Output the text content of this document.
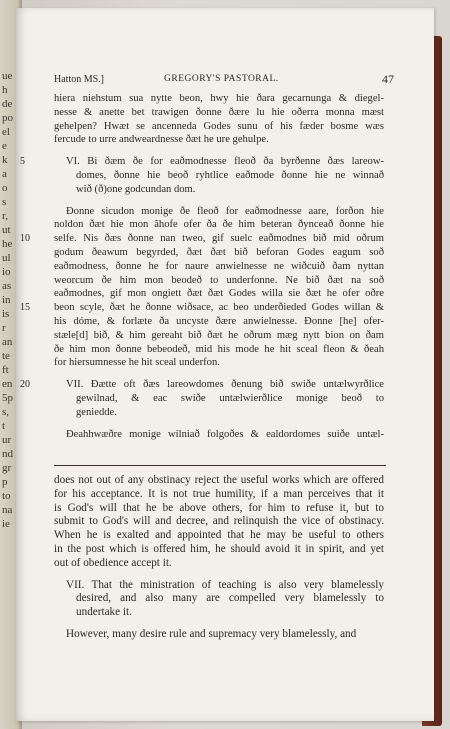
ue
h
de
po
el
e
k
a
o
s
r,
ut
he
ul
io
as
in
is
r
an
te
ft
en
5p
s,
t
ur
nd
gr
p
to
na
ie
Hatton MS.]	GREGORY'S PASTORAL.	47
hiera niehstum sua nytte beon, hwy hie ðara gecarnunga & diegel-
nesse & anette bet trawigen ðonne ðære lu hie oðerra monna mæst
gehelpen? Hwæt se ancenneda Godes sunu of his fæder bosme wæs
fercude to urre andweardnesse ðæt he ure gehulpe.
5	VI. Bi ðæm ðe for eaðmodnesse fleoð ða byrðenne ðæs lareow-
domes, ðonne hie beoð ryhtlice eaðmode ðonne hie ne winnað
wið (ð)one godcundan dom.
Ðonne sicudon monige ðe fleoð for eaðmodnesse aare, forðon hie
noldon ðæt hie mon ãhofe ofer ða ðe him beteran ðynceað ðonne hie
10 selfe. Nis ðæs ðonne nan tweo, gif suelc eaðmodnes bið mid oðrum
godum ðeawum begyrded, ðæt ðæt bið beforan Godes eagum soð
eaðmodness, ðonne he for naure anwielnesse ne wiðcuið ðam nyttan
weorcum ðe him mon beodeð to underfonne. Ne bið ðæt na soð
eaðmodnes, gif mon ongiett ðæt ðæt Godes willa sie ðæt he ofer oðre
15 beon scyle, ðæt he ðonne wiðsace, ac beo underðieded Godes willan &
his dóme, & forlæte ða uncyste ðære anwielnesse. Ðonne [he] ofer-
stæle[d] bið, & him gereaht bið ðæt he oðrum mæg nytt bion on ðam
ðe him mon ðonne bebeodeð, mid his mode he hit sceal fleon & ðeah
for hiersumnesse he hit sceal underfon.
20	VII. Ðætte oft ðæs lareowdomes ðenung bið swiðe untælwyrðlice
gewilnad, & eac swiðe untælwierðlice monige beoð to
geniedde.
Ðeahhwæðre monige wilniað folgoðes & ealdordomes suiðe untæl-
does not out of any obstinacy reject the useful works which are offered
for his acceptance. It is not true humility, if a man perceives that it
is God's will that he be above others, for him to refuse it, but to
submit to God's will and decree, and relinquish the vice of obstinacy.
When he is exalted and appointed that he may be useful to others
in the post which is offered him, he should avoid it in spirit, and yet
out of obedience accept it.
VII. That the ministration of teaching is also very blamelessly
desired, and also many are compelled very blamelessly to
undertake it.
However, many desire rule and supremacy very blamelessly, and
